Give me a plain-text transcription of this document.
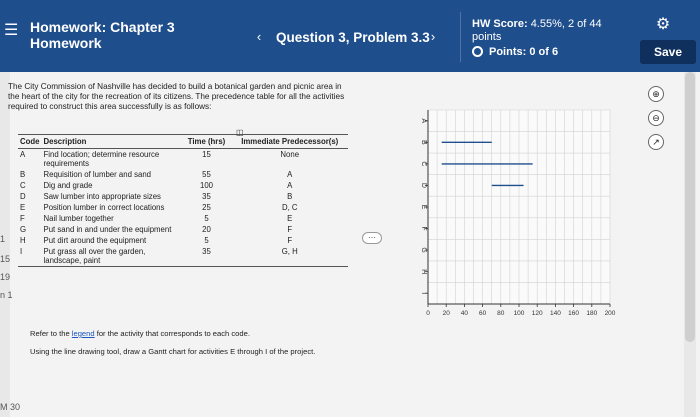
☰ Homework: Chapter 3
Homework	‹	Question 3, Problem 3.3 ›
HW Score: 4.55%, 2 of 44
points
Points: 0 of 6
⚙
Save
1
15
19
n 1
M 30
The City Commission of Nashville has decided to build a botanical garden and picnic area in the heart of the city for the recreation of its citizens. The precedence table for all the activities required to construct this area successfully is as follows:
◫
Code	Description	Time (hrs)	Immediate Predecessor(s)
A	Find location; determine resource requirements	15	None
B	Requisition of lumber and sand	55	A
C	Dig and grade	100	A
D	Saw lumber into appropriate sizes	35	B
E	Position lumber in correct locations	25	D, C
F	Nail lumber together	5	E
G	Put sand in and under the equipment	20	F
H	Put dirt around the equipment	5	F
I	Put grass all over the garden, landscape, paint	35	G, H
Refer to the legend for the activity that corresponds to each code.
Using the line drawing tool, draw a Gantt chart for activities E through I of the project.
⋯
A
B
C
D
E
F
G
H
I
0 20 40 60 80 100 120 140 160 180 200
⊕
⊖
↗
